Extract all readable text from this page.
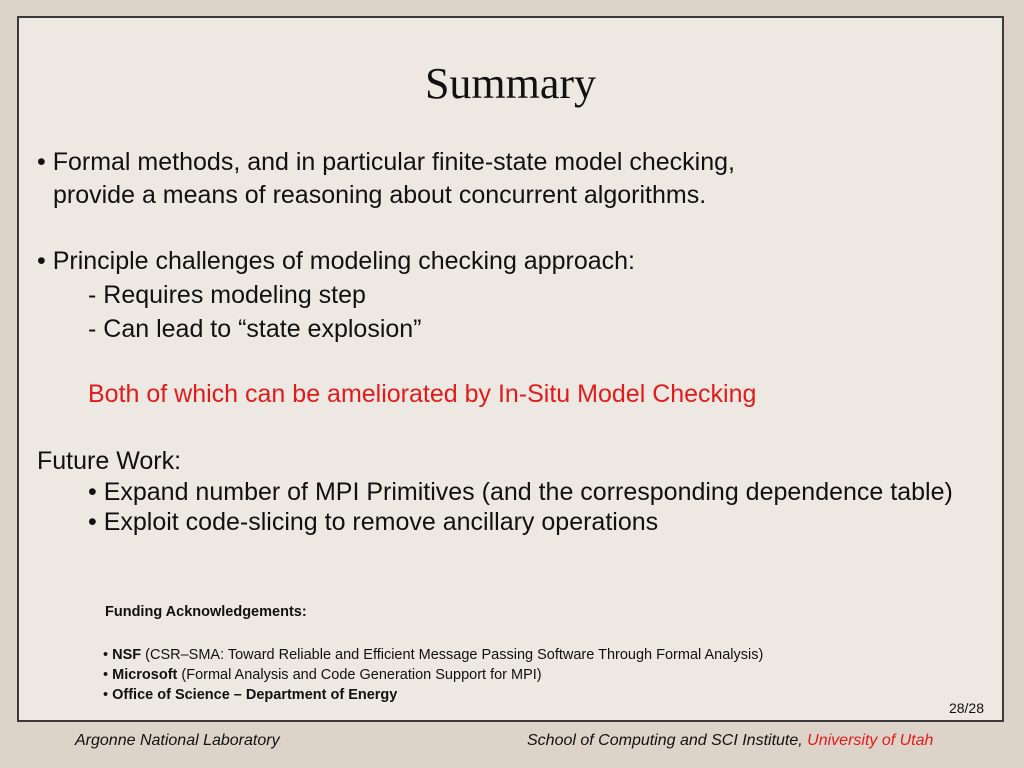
Summary
• Formal methods, and in particular finite-state model checking,
provide a means of reasoning about concurrent algorithms.
• Principle challenges of modeling checking approach:
- Requires modeling step
- Can lead to “state explosion”
Both of which can be ameliorated by In-Situ Model Checking
Future Work:
• Expand number of MPI Primitives (and the corresponding dependence table)
• Exploit code-slicing to remove ancillary operations
Funding Acknowledgements:
• NSF (CSR–SMA: Toward Reliable and Efficient Message Passing Software Through Formal Analysis)
• Microsoft (Formal Analysis and Code Generation Support for MPI)
• Office of Science – Department of Energy
28/28
Argonne National Laboratory	School of Computing and SCI Institute, University of Utah
